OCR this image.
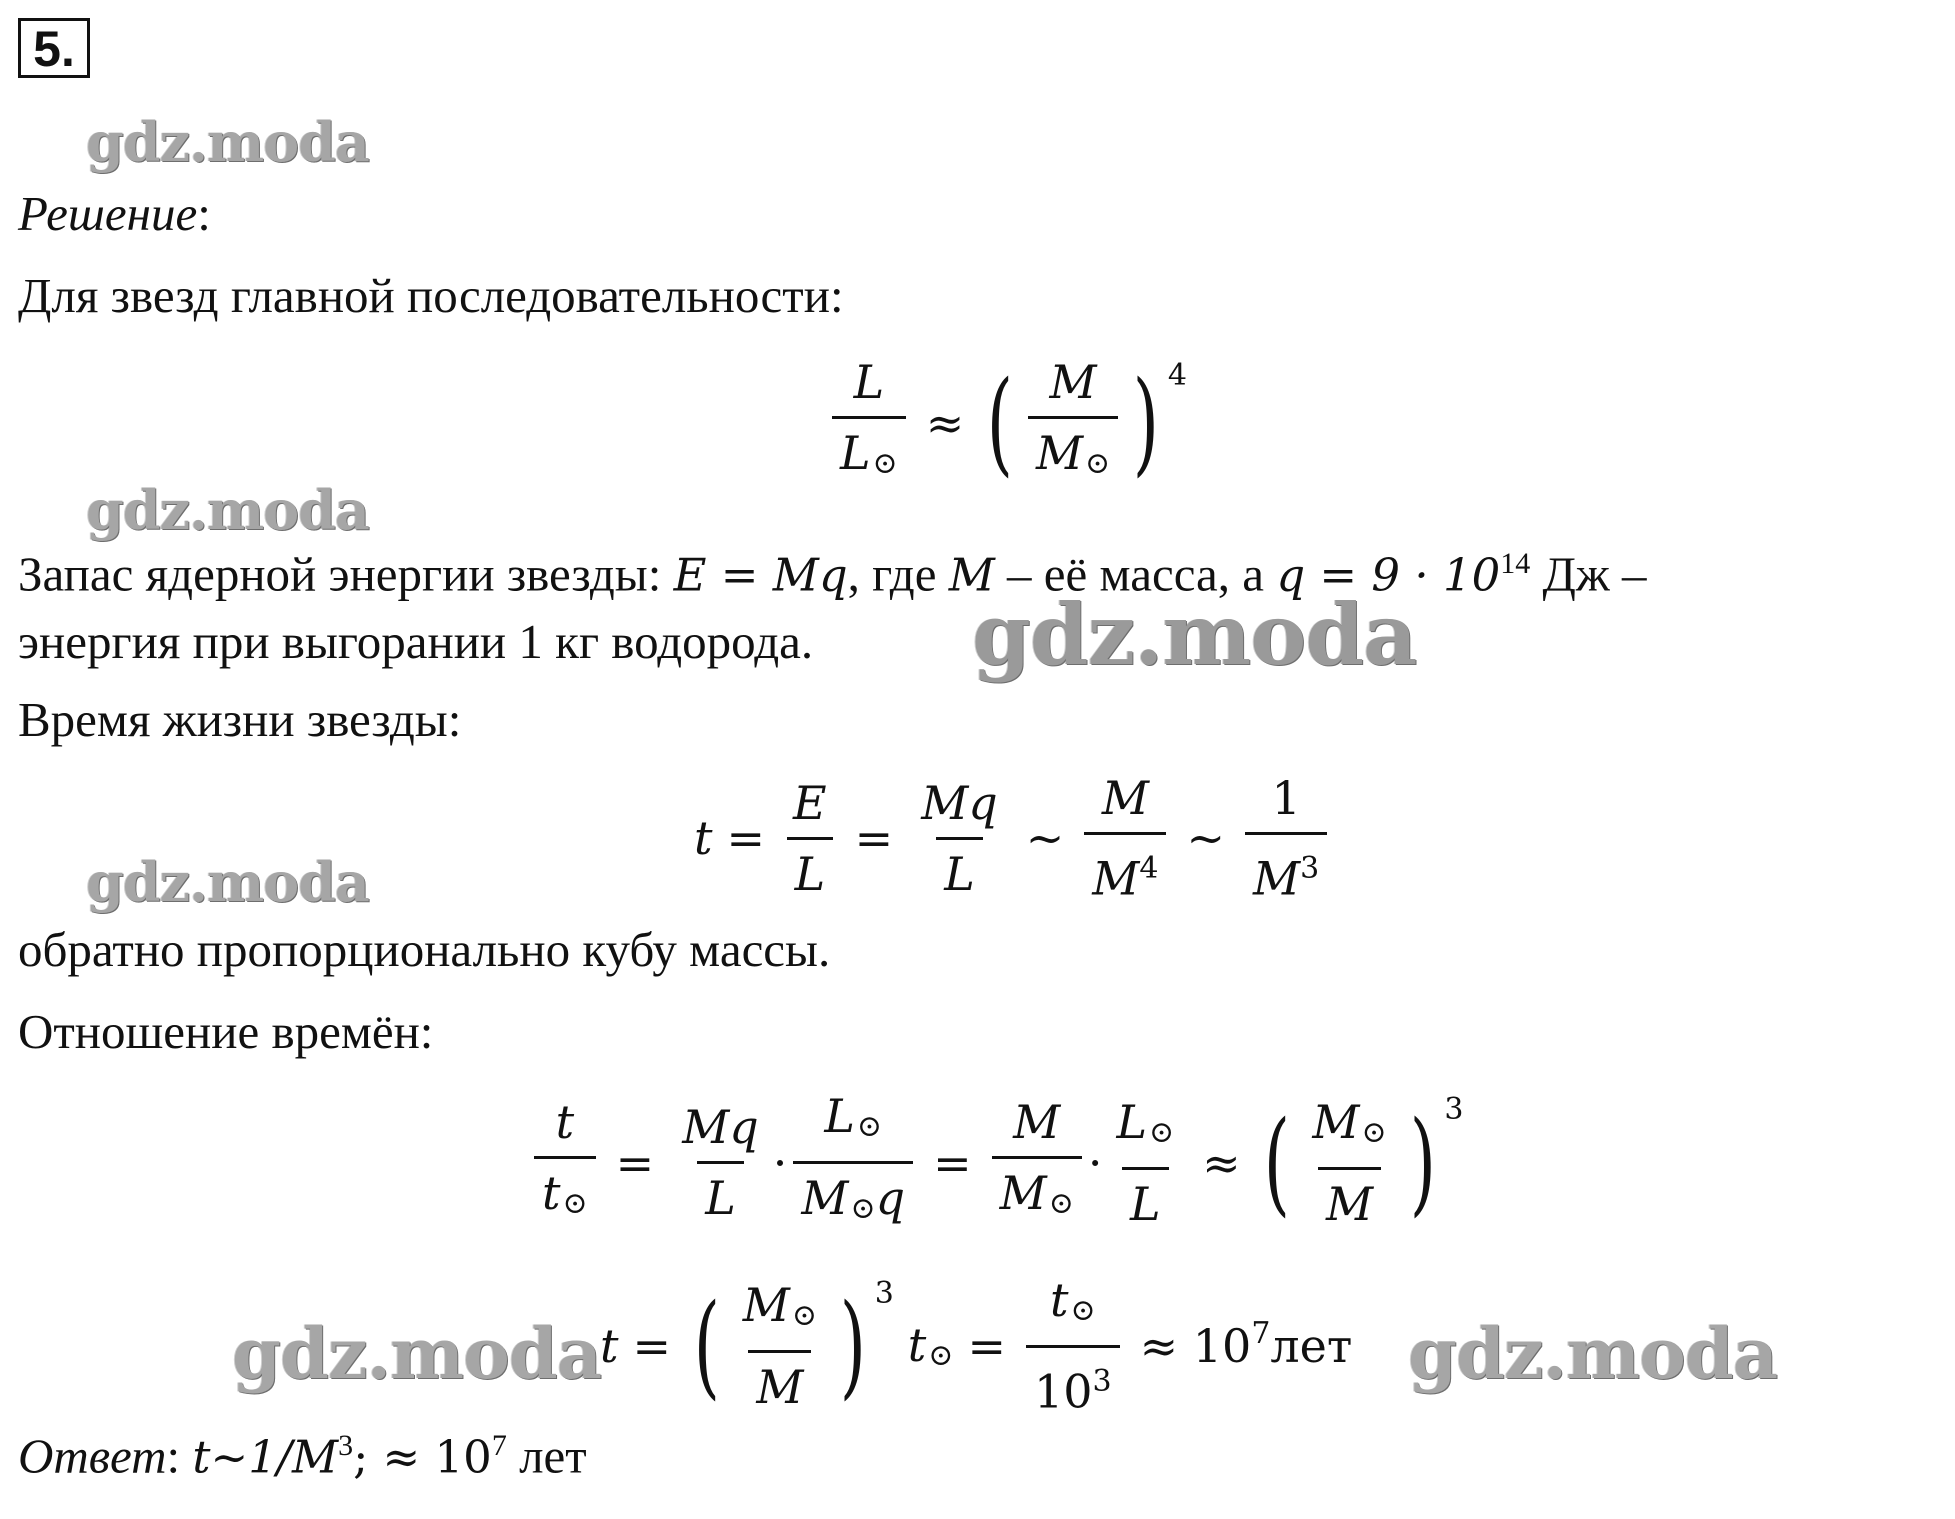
5.
gdz.moda
gdz.moda
gdz.moda
Решение:
Для звезд главной последовательности:
$\frac{L}{L⊙}$ ≈ ( $\frac{M}{M⊙}$ ) 4
Запас ядерной энергии звезды: E = Mq, где M – её масса, а $q = 9 \cdot 10^{14}$ Дж –
энергия при выгорании 1 кг водорода. gdz.moda
Время жизни звезды:
$t = \frac{E}{L} = \frac{Mq}{L}$ ~ $\frac{M}{M^4}$ ~ $\frac{1}{M^3}$
обратно пропорционально кубу массы.
Отношение времён:
$\frac{t}{t⊙} = \frac{Mq}{L} \cdot \frac{L⊙}{M⊙q} = \frac{M}{M⊙} \cdot \frac{L⊙}{L}$ ≈ ( $\frac{M⊙}{M}$ ) 3
gdz.moda
t = ( $\frac{M⊙}{M}$ ) 3
t⊙ = $\frac{t⊙}{10^3} \approx 10^7$ лет gdz.moda
Ответ: $t\sim 1/M^3$; ≈ $10^7$ лет
